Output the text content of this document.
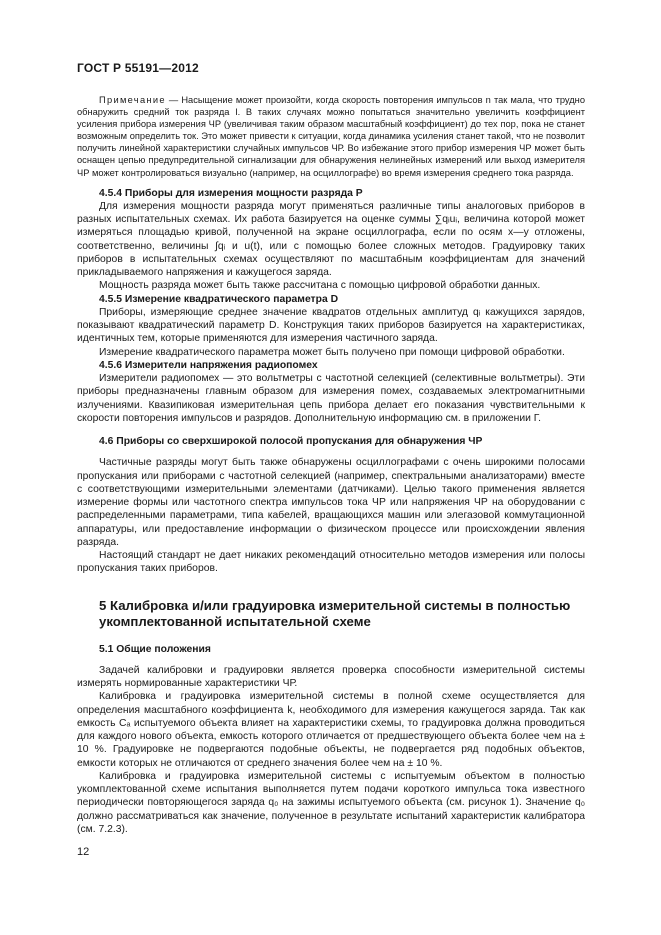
ГОСТ Р 55191—2012

Примечание — Насыщение может произойти, когда скорость повторения импульсов n так мала, что трудно обнаружить средний ток разряда I. В таких случаях можно попытаться значительно увеличить коэффициент усиления прибора измерения ЧР (увеличивая таким образом масштабный коэффициент) до тех пор, пока не станет возможным определить ток. Это может привести к ситуации, когда динамика усиления станет такой, что не позволит получить линейной характеристики случайных импульсов ЧР. Во избежание этого прибор измерения ЧР может быть оснащен цепью предупредительной сигнализации для обнаружения нелинейных измерений или выход измерителя ЧР может контролироваться визуально (например, на осциллографе) во время измерения среднего тока разряда.

4.5.4 Приборы для измерения мощности разряда P

Для измерения мощности разряда могут применяться различные типы аналоговых приборов в разных испытательных схемах. Их работа базируется на оценке суммы ∑qᵢuᵢ, величина которой может измеряться площадью кривой, полученной на экране осциллографа, если по осям x—y отложены, соответственно, величины ∫qᵢ и u(t), или с помощью более сложных методов. Градуировку таких приборов в испытательных схемах осуществляют по масштабным коэффициентам для значений прикладываемого напряжения и кажущегося заряда.

Мощность разряда может быть также рассчитана с помощью цифровой обработки данных.

4.5.5 Измерение квадратического параметра D

Приборы, измеряющие среднее значение квадратов отдельных амплитуд qᵢ кажущихся зарядов, показывают квадратический параметр D. Конструкция таких приборов базируется на характеристиках, идентичных тем, которые применяются для измерения частичного заряда.

Измерение квадратического параметра может быть получено при помощи цифровой обработки.

4.5.6 Измерители напряжения радиопомех

Измерители радиопомех — это вольтметры с частотной селекцией (селективные вольтметры). Эти приборы предназначены главным образом для измерения помех, создаваемых электромагнитными излучениями. Квазипиковая измерительная цепь прибора делает его показания чувствительными к скорости повторения импульсов и разрядов. Дополнительную информацию см. в приложении Г.

4.6 Приборы со сверхширокой полосой пропускания для обнаружения ЧР

Частичные разряды могут быть также обнаружены осциллографами с очень широкими полосами пропускания или приборами с частотной селекцией (например, спектральными анализаторами) вместе с соответствующими измерительными элементами (датчиками). Целью такого применения является измерение формы или частотного спектра импульсов тока ЧР или напряжения ЧР на оборудовании с распределенными параметрами, типа кабелей, вращающихся машин или элегазовой коммутационной аппаратуры, или предоставление информации о физическом процессе или происхождении явления разряда.

Настоящий стандарт не дает никаких рекомендаций относительно методов измерения или полосы пропускания таких приборов.

5 Калибровка и/или градуировка измерительной системы в полностью укомплектованной испытательной схеме

5.1 Общие положения

Задачей калибровки и градуировки является проверка способности измерительной системы измерять нормированные характеристики ЧР.

Калибровка и градуировка измерительной системы в полной схеме осуществляется для определения масштабного коэффициента k, необходимого для измерения кажущегося заряда. Так как емкость Cₐ испытуемого объекта влияет на характеристики схемы, то градуировка должна проводиться для каждого нового объекта, емкость которого отличается от предшествующего объекта более чем на ± 10 %. Градуировке не подвергаются подобные объекты, не подвергается ряд подобных объектов, емкости которых не отличаются от среднего значения более чем на ± 10 %.

Калибровка и градуировка измерительной системы с испытуемым объектом в полностью укомплектованной схеме испытания выполняется путем подачи короткого импульса тока известного периодически повторяющегося заряда q₀ на зажимы испытуемого объекта (см. рисунок 1). Значение q₀ должно рассматриваться как значение, полученное в результате испытаний характеристик калибратора (см. 7.2.3).

12
